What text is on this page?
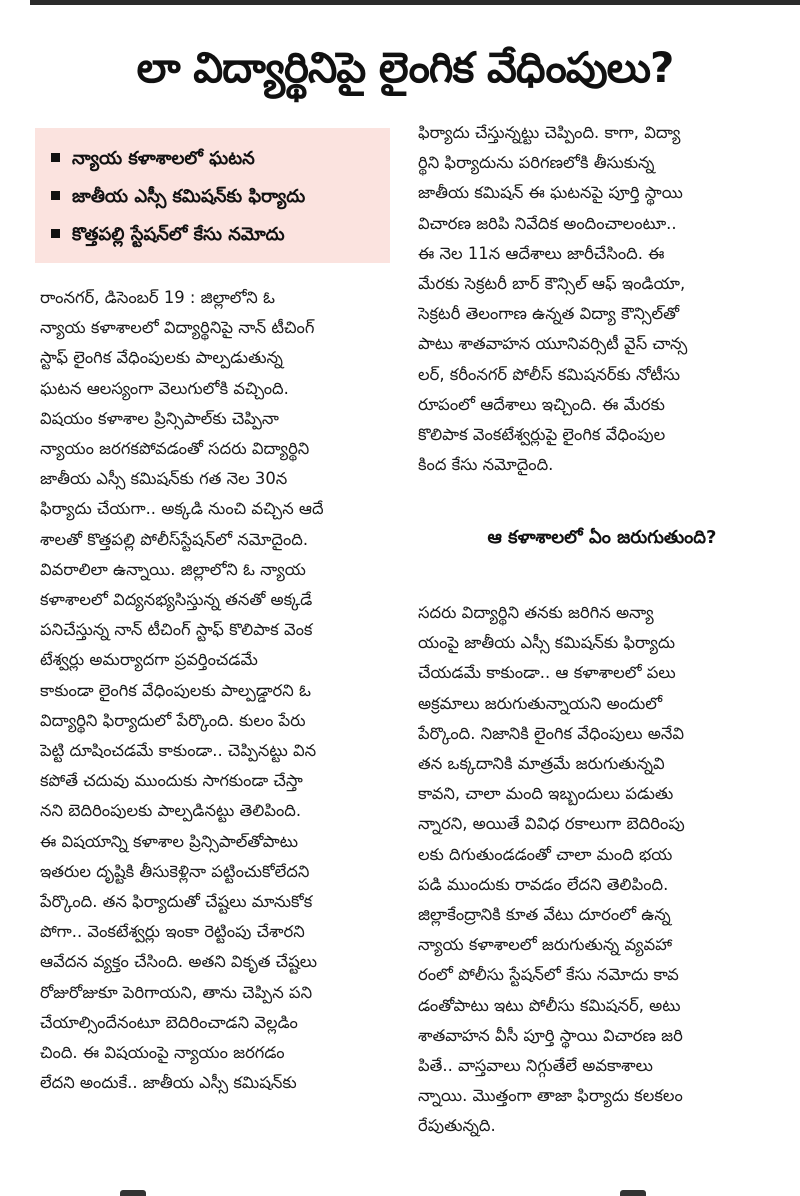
లా విద్యార్థినిపై లైంగిక వేధింపులు?
న్యాయ కళాశాలలో ఘటన
జాతీయ ఎస్సీ కమిషన్‌కు ఫిర్యాదు
కొత్తపల్లి స్టేషన్‌లో కేసు నమోదు
రాంనగర్, డిసెంబర్ 19 : జిల్లాలోని ఓ
న్యాయ కళాశాలలో విద్యార్థినిపై నాన్ టీచింగ్
స్టాఫ్ లైంగిక వేధింపులకు పాల్పడుతున్న
ఘటన ఆలస్యంగా వెలుగులోకి వచ్చింది.
విషయం కళాశాల ప్రిన్సిపాల్‌కు చెప్పినా
న్యాయం జరగకపోవడంతో సదరు విద్యార్థిని
జాతీయ ఎస్సీ కమిషన్‌కు గత నెల 30న
ఫిర్యాదు చేయగా.. అక్కడి నుంచి వచ్చిన ఆదే
శాలతో కొత్తపల్లి పోలీస్‌స్టేషన్‌లో నమోదైంది.
వివరాలిలా ఉన్నాయి. జిల్లాలోని ఓ న్యాయ
కళాశాలలో విద్యనభ్యసిస్తున్న తనతో అక్కడే
పనిచేస్తున్న నాన్ టీచింగ్ స్టాఫ్ కొలిపాక వెంక
టేశ్వర్లు అమర్యాదగా ప్రవర్తించడమే
కాకుండా లైంగిక వేధింపులకు పాల్పడ్డారని ఓ
విద్యార్థిని ఫిర్యాదులో పేర్కొంది. కులం పేరు
పెట్టి దూషించడమే కాకుండా.. చెప్పినట్టు విన
కపోతే చదువు ముందుకు సాగకుండా చేస్తా
నని బెదిరింపులకు పాల్పడినట్టు తెలిపింది.
ఈ విషయాన్ని కళాశాల ప్రిన్సిపాల్‌తోపాటు
ఇతరుల దృష్టికి తీసుకెళ్లినా పట్టించుకోలేదని
పేర్కొంది. తన ఫిర్యాదుతో చేష్టలు మానుకోక
పోగా.. వెంకటేశ్వర్లు ఇంకా రెట్టింపు చేశారని
ఆవేదన వ్యక్తం చేసింది. అతని వికృత చేష్టలు
రోజురోజుకూ పెరిగాయని, తాను చెప్పిన పని
చేయాల్సిందేనంటూ బెదిరించాడని వెల్లడిం
చింది. ఈ విషయంపై న్యాయం జరగడం
లేదని అందుకే.. జాతీయ ఎస్సీ కమిషన్‌కు
ఫిర్యాదు చేస్తున్నట్టు చెప్పింది. కాగా, విద్యా
ర్థిని ఫిర్యాదును పరిగణలోకి తీసుకున్న
జాతీయ కమిషన్ ఈ ఘటనపై పూర్తి స్థాయి
విచారణ జరిపి నివేదిక అందించాలంటూ..
ఈ నెల 11న ఆదేశాలు జారీచేసింది. ఈ
మేరకు సెక్రటరీ బార్ కౌన్సిల్ ఆఫ్ ఇండియా,
సెక్రటరీ తెలంగాణ ఉన్నత విద్యా కౌన్సిల్‌తో
పాటు శాతవాహన యూనివర్సిటీ వైస్ చాన్స
లర్, కరీంనగర్ పోలీస్ కమిషనర్‌కు నోటీసు
రూపంలో ఆదేశాలు ఇచ్చింది. ఈ మేరకు
కొలిపాక వెంకటేశ్వర్లుపై లైంగిక వేధింపుల
కింద కేసు నమోదైంది.
ఆ కళాశాలలో ఏం జరుగుతుంది?
సదరు విద్యార్థిని తనకు జరిగిన అన్యా
యంపై జాతీయ ఎస్సీ కమిషన్‌కు ఫిర్యాదు
చేయడమే కాకుండా.. ఆ కళాశాలలో పలు
అక్రమాలు జరుగుతున్నాయని అందులో
పేర్కొంది. నిజానికి లైంగిక వేధింపులు అనేవి
తన ఒక్కదానికి మాత్రమే జరుగుతున్నవి
కావని, చాలా మంది ఇబ్బందులు పడుతు
న్నారని, అయితే వివిధ రకాలుగా బెదిరింపు
లకు దిగుతుండడంతో చాలా మంది భయ
పడి ముందుకు రావడం లేదని తెలిపింది.
జిల్లాకేంద్రానికి కూత వేటు దూరంలో ఉన్న
న్యాయ కళాశాలలో జరుగుతున్న వ్యవహా
రంలో పోలీసు స్టేషన్‌లో కేసు నమోదు కావ
డంతోపాటు ఇటు పోలీసు కమిషనర్, అటు
శాతవాహన వీసీ పూర్తి స్థాయి విచారణ జరి
పితే.. వాస్తవాలు నిగ్గుతేలే అవకాశాలు
న్నాయి. మొత్తంగా తాజా ఫిర్యాదు కలకలం
రేపుతున్నది.
